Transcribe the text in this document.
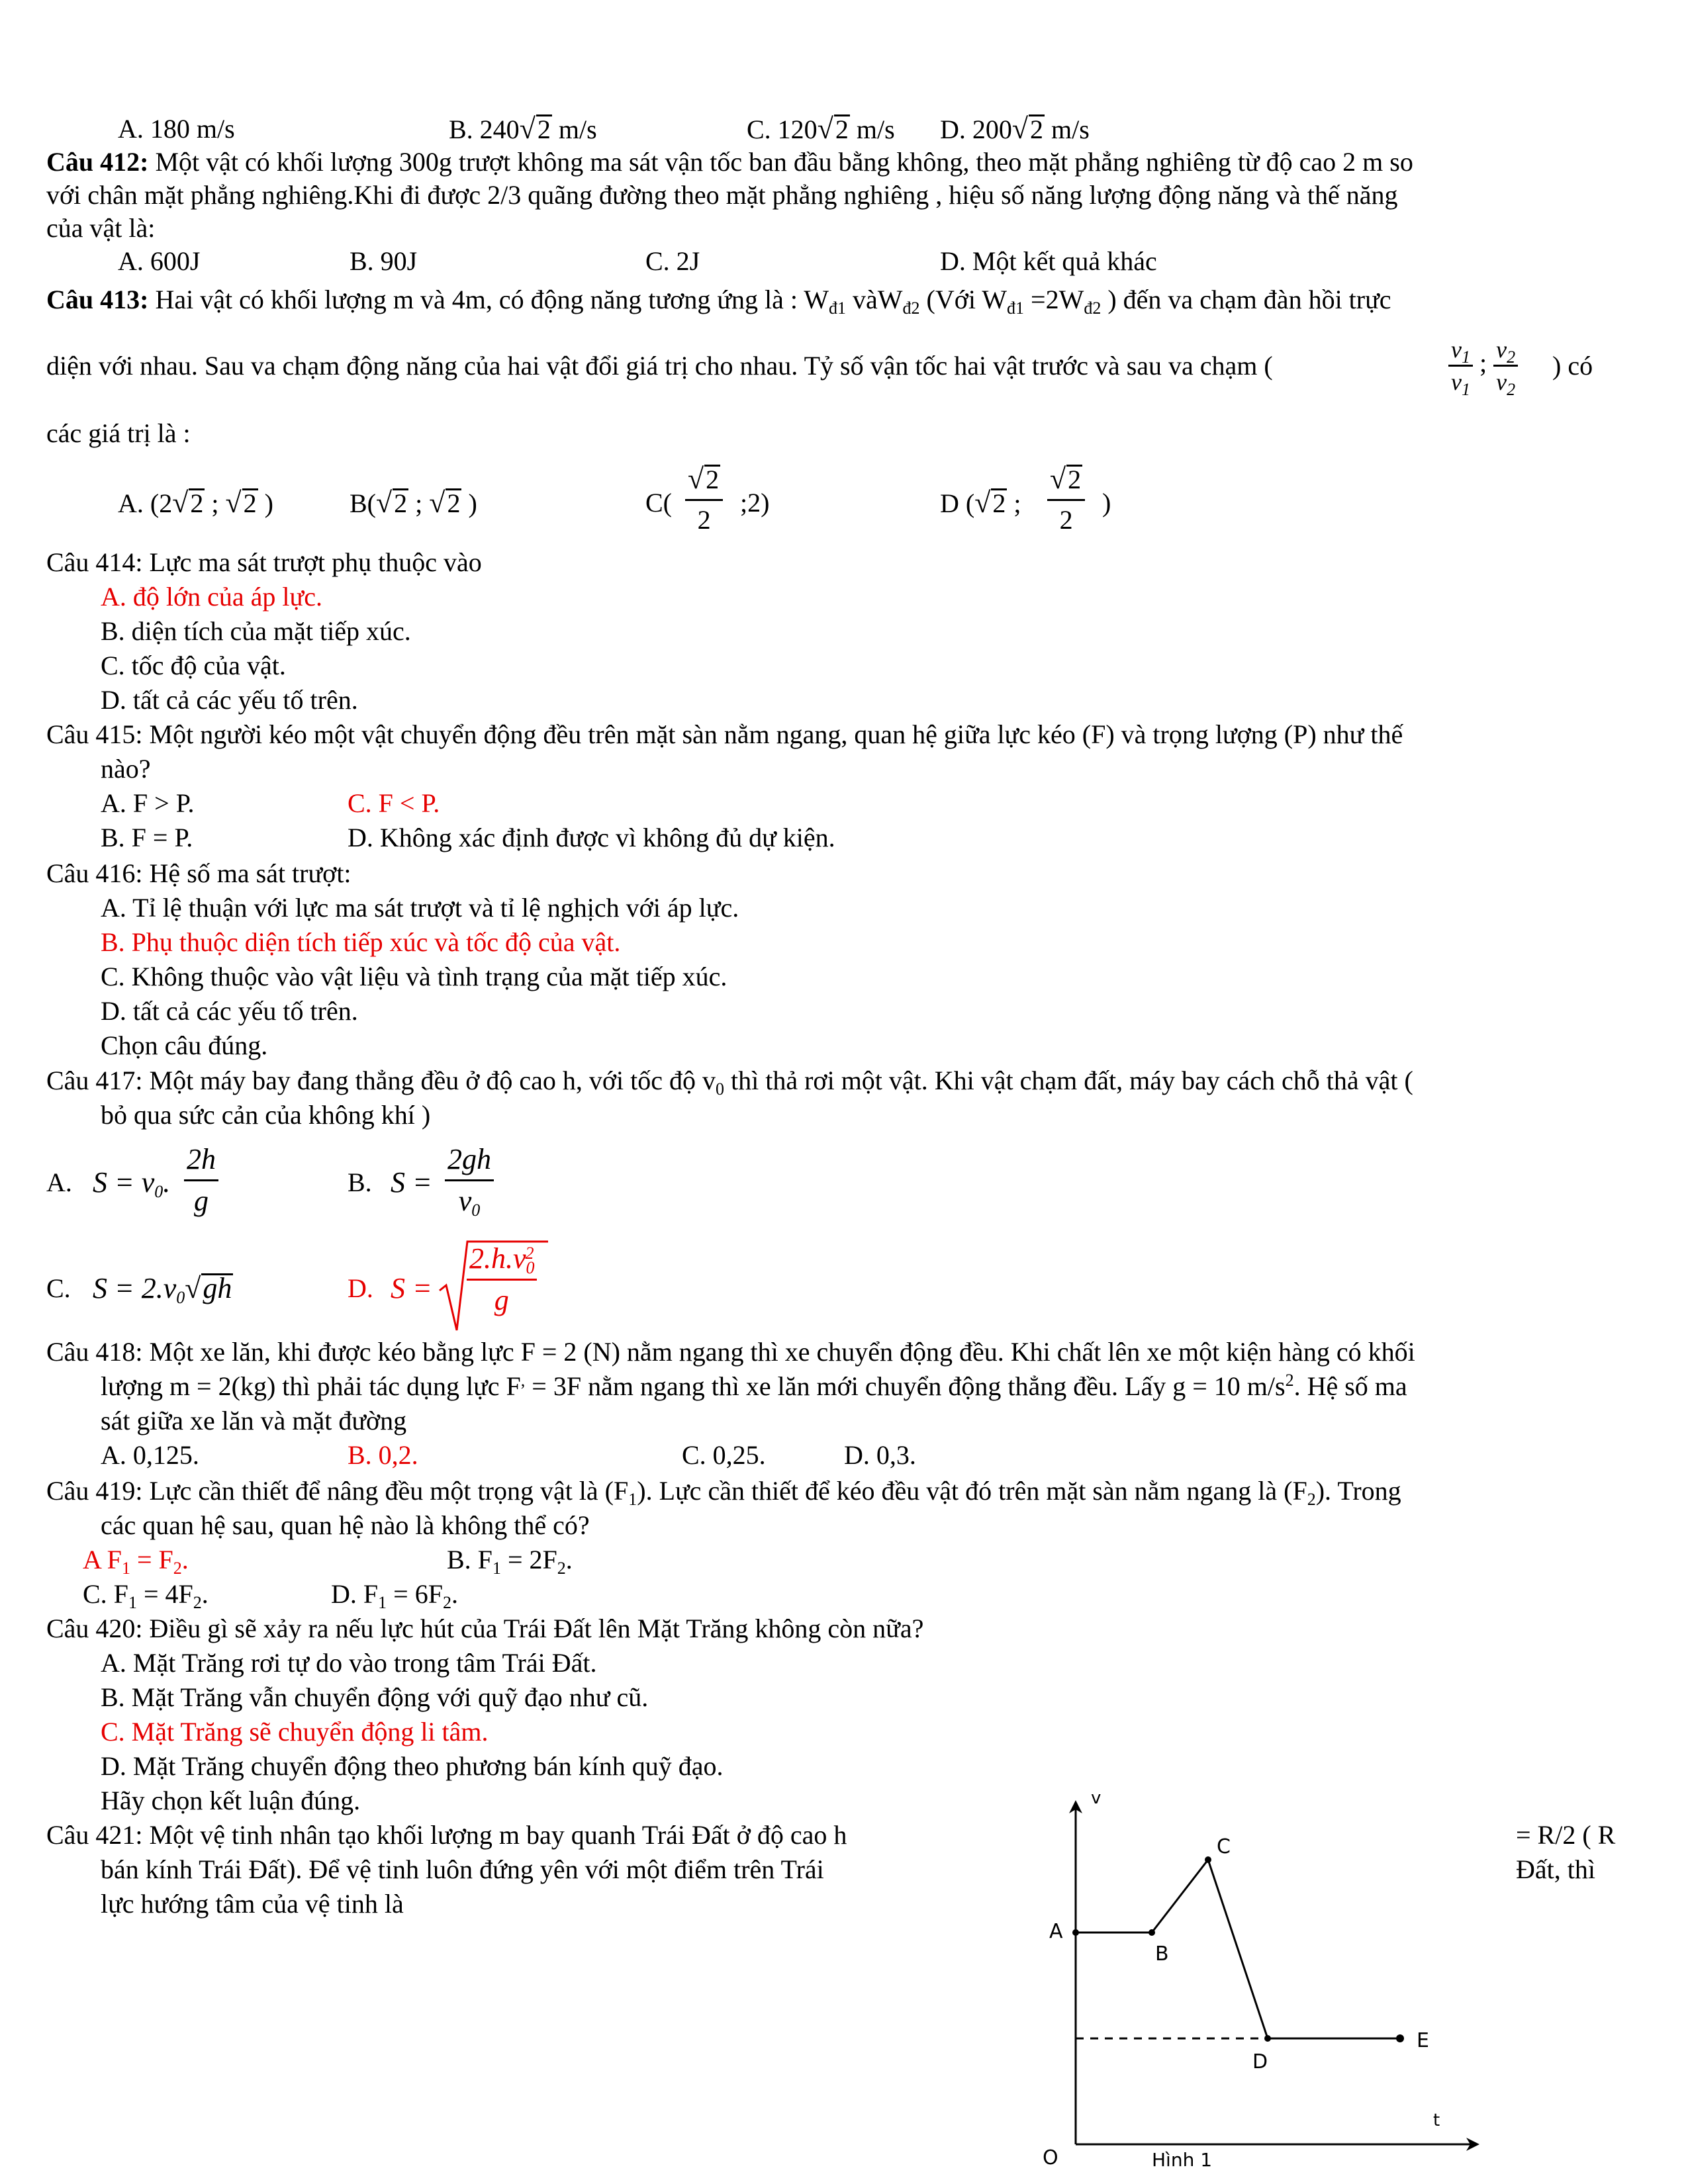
A. 180 m/s	B. 240√2 m/s	C. 120√2 m/s D. 200√2 m/s
Câu 412: Một vật có khối lượng 300g trượt không ma sát vận tốc ban đầu bằng không, theo mặt phẳng nghiêng từ độ cao 2 m so
với chân mặt phẳng nghiêng.Khi đi được 2/3 quãng đường theo mặt phẳng nghiêng , hiệu số năng lượng động năng và thế năng
của vật là:
A. 600J	B. 90J	C. 2J	D. Một kết quả khác
Câu 413: Hai vật có khối lượng m và 4m, có động năng tương ứng là : $W_{đ1}$ vàW$_{đ2}$ (Với $W_{đ1} =2W_{đ2}$ ) đến va chạm đàn hồi trực
diện với nhau. Sau va chạm động năng của hai vật đổi giá trị cho nhau. Tỷ số vận tốc hai vật trước và sau va chạm (	$\frac{v_1}{v_1}$ ; $\frac{v_2}{v_2}$ ) có
các giá trị là :
A. (2√2 ; √2 )	B(√2 ; √2 )	$C( \frac{√2}{2}$ ;2)	D (√2 ; $\frac{√2}{2}$ )
Câu 414: Lực ma sát trượt phụ thuộc vào
A. độ lớn của áp lực.
B. diện tích của mặt tiếp xúc.
C. tốc độ của vật.
D. tất cả các yếu tố trên.
Câu 415: Một người kéo một vật chuyển động đều trên mặt sàn nằm ngang, quan hệ giữa lực kéo (F) và trọng lượng (P) như thế
nào?
A. F > P.	C. F < P.
B. F = P.	D. Không xác định được vì không đủ dự kiện.
Câu 416: Hệ số ma sát trượt:
A. Tỉ lệ thuận với lực ma sát trượt và tỉ lệ nghịch với áp lực.
B. Phụ thuộc diện tích tiếp xúc và tốc độ của vật.
C. Không thuộc vào vật liệu và tình trạng của mặt tiếp xúc.
D. tất cả các yếu tố trên.
Chọn câu đúng.
Câu 417: Một máy bay đang thẳng đều ở độ cao h, với tốc độ $v_0$ thì thả rơi một vật. Khi vật chạm đất, máy bay cách chỗ thả vật (
bỏ qua sức cản của không khí )
A. $S = v_0$. $\frac{2h}{g}$	B. $S = \frac{2gh}{v_0}$
C. $S = 2.v_0√gh$	D. $S = \frac{2.h.v_0^2}{g}$
Câu 418: Một xe lăn, khi được kéo bằng lực F = 2 (N) nằm ngang thì xe chuyển động đều. Khi chất lên xe một kiện hàng có khối
lượng m = 2(kg) thì phải tác dụng lực F, = 3F nằm ngang thì xe lăn mới chuyển động thẳng đều. Lấy g = 10 $m/s^2$. Hệ số ma
sát giữa xe lăn và mặt đường
A. 0,125.	B. 0,2.	C. 0,25.	D. 0,3.
Câu 419: Lực cần thiết để nâng đều một trọng vật là $(F_1)$. Lực cần thiết để kéo đều vật đó trên mặt sàn nằm ngang là $(F_2)$. Trong
các quan hệ sau, quan hệ nào là không thể có?
A $F_1 = F_2$.	B. $F_1 = 2F_2$.
C. $F_1 = 4F_2$.	D. $F_1 = 6F_2$.
Câu 420: Điều gì sẽ xảy ra nếu lực hút của Trái Đất lên Mặt Trăng không còn nữa?
A. Mặt Trăng rơi tự do vào trong tâm Trái Đất.
B. Mặt Trăng vẫn chuyển động với quỹ đạo như cũ.
C. Mặt Trăng sẽ chuyển động li tâm.
D. Mặt Trăng chuyển động theo phương bán kính quỹ đạo.
Hãy chọn kết luận đúng.
Câu 421: Một vệ tinh nhân tạo khối lượng m bay quanh Trái Đất ở độ cao h	= R/2 ( R
bán kính Trái Đất). Để vệ tinh luôn đứng yên với một điểm trên Trái	Đất, thì
lực hướng tâm của vệ tinh là
v
t
O
A
B
C
D
E
Hình 1
